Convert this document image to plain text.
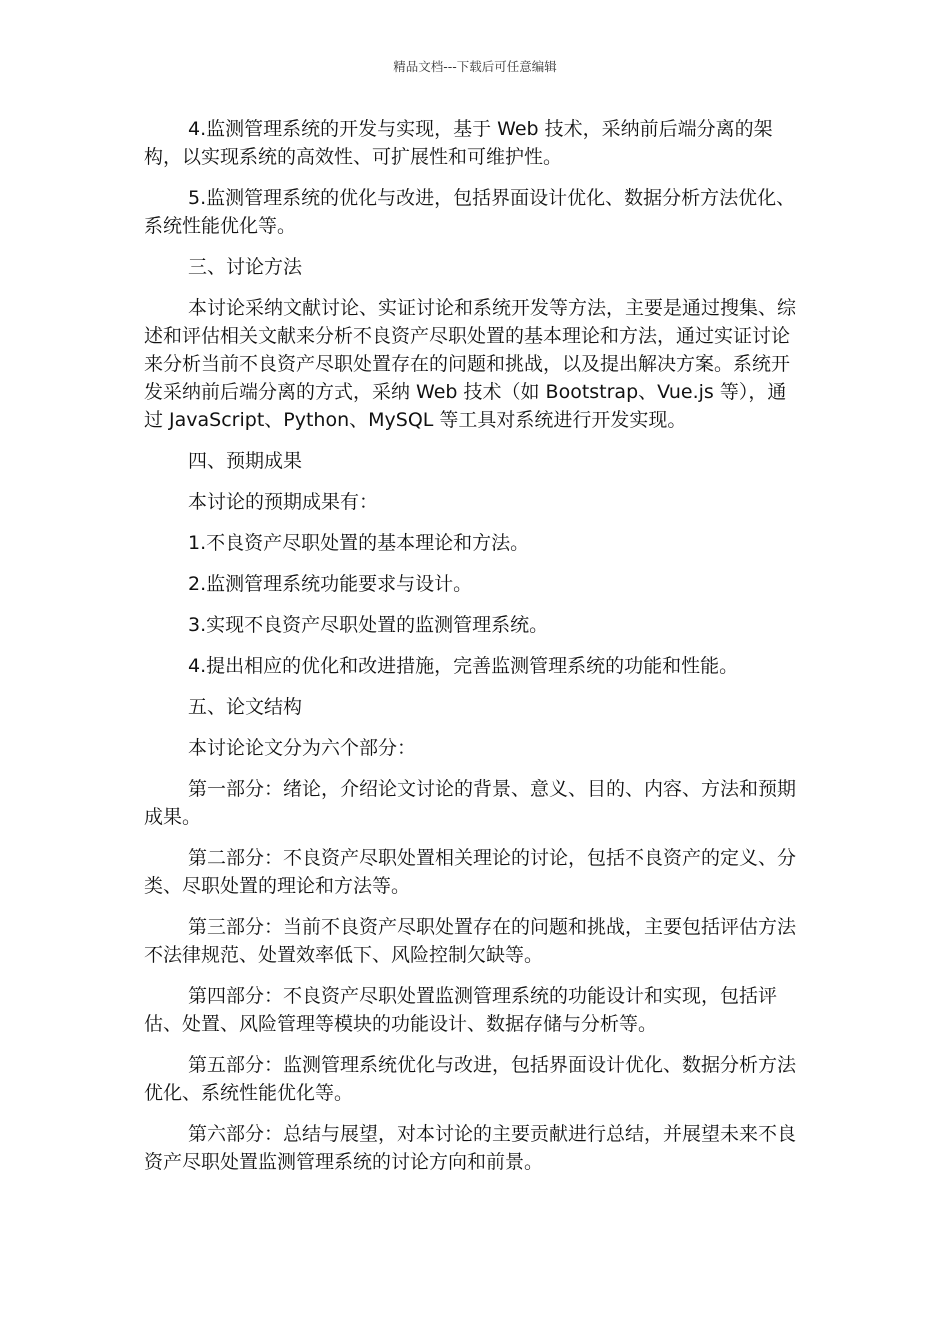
精品文档---下载后可任意编辑

4.监测管理系统的开发与实现，基于 Web 技术，采纳前后端分离的架构，以实现系统的高效性、可扩展性和可维护性。

5.监测管理系统的优化与改进，包括界面设计优化、数据分析方法优化、系统性能优化等。

三、讨论方法

本讨论采纳文献讨论、实证讨论和系统开发等方法，主要是通过搜集、综述和评估相关文献来分析不良资产尽职处置的基本理论和方法，通过实证讨论来分析当前不良资产尽职处置存在的问题和挑战，以及提出解决方案。系统开发采纳前后端分离的方式，采纳 Web 技术（如 Bootstrap、Vue.js 等），通过 JavaScript、Python、MySQL 等工具对系统进行开发实现。

四、预期成果

本讨论的预期成果有：

1.不良资产尽职处置的基本理论和方法。

2.监测管理系统功能要求与设计。

3.实现不良资产尽职处置的监测管理系统。

4.提出相应的优化和改进措施，完善监测管理系统的功能和性能。

五、论文结构

本讨论论文分为六个部分：

第一部分：绪论，介绍论文讨论的背景、意义、目的、内容、方法和预期成果。

第二部分：不良资产尽职处置相关理论的讨论，包括不良资产的定义、分类、尽职处置的理论和方法等。

第三部分：当前不良资产尽职处置存在的问题和挑战，主要包括评估方法不法律规范、处置效率低下、风险控制欠缺等。

第四部分：不良资产尽职处置监测管理系统的功能设计和实现，包括评估、处置、风险管理等模块的功能设计、数据存储与分析等。

第五部分：监测管理系统优化与改进，包括界面设计优化、数据分析方法优化、系统性能优化等。

第六部分：总结与展望，对本讨论的主要贡献进行总结，并展望未来不良资产尽职处置监测管理系统的讨论方向和前景。
